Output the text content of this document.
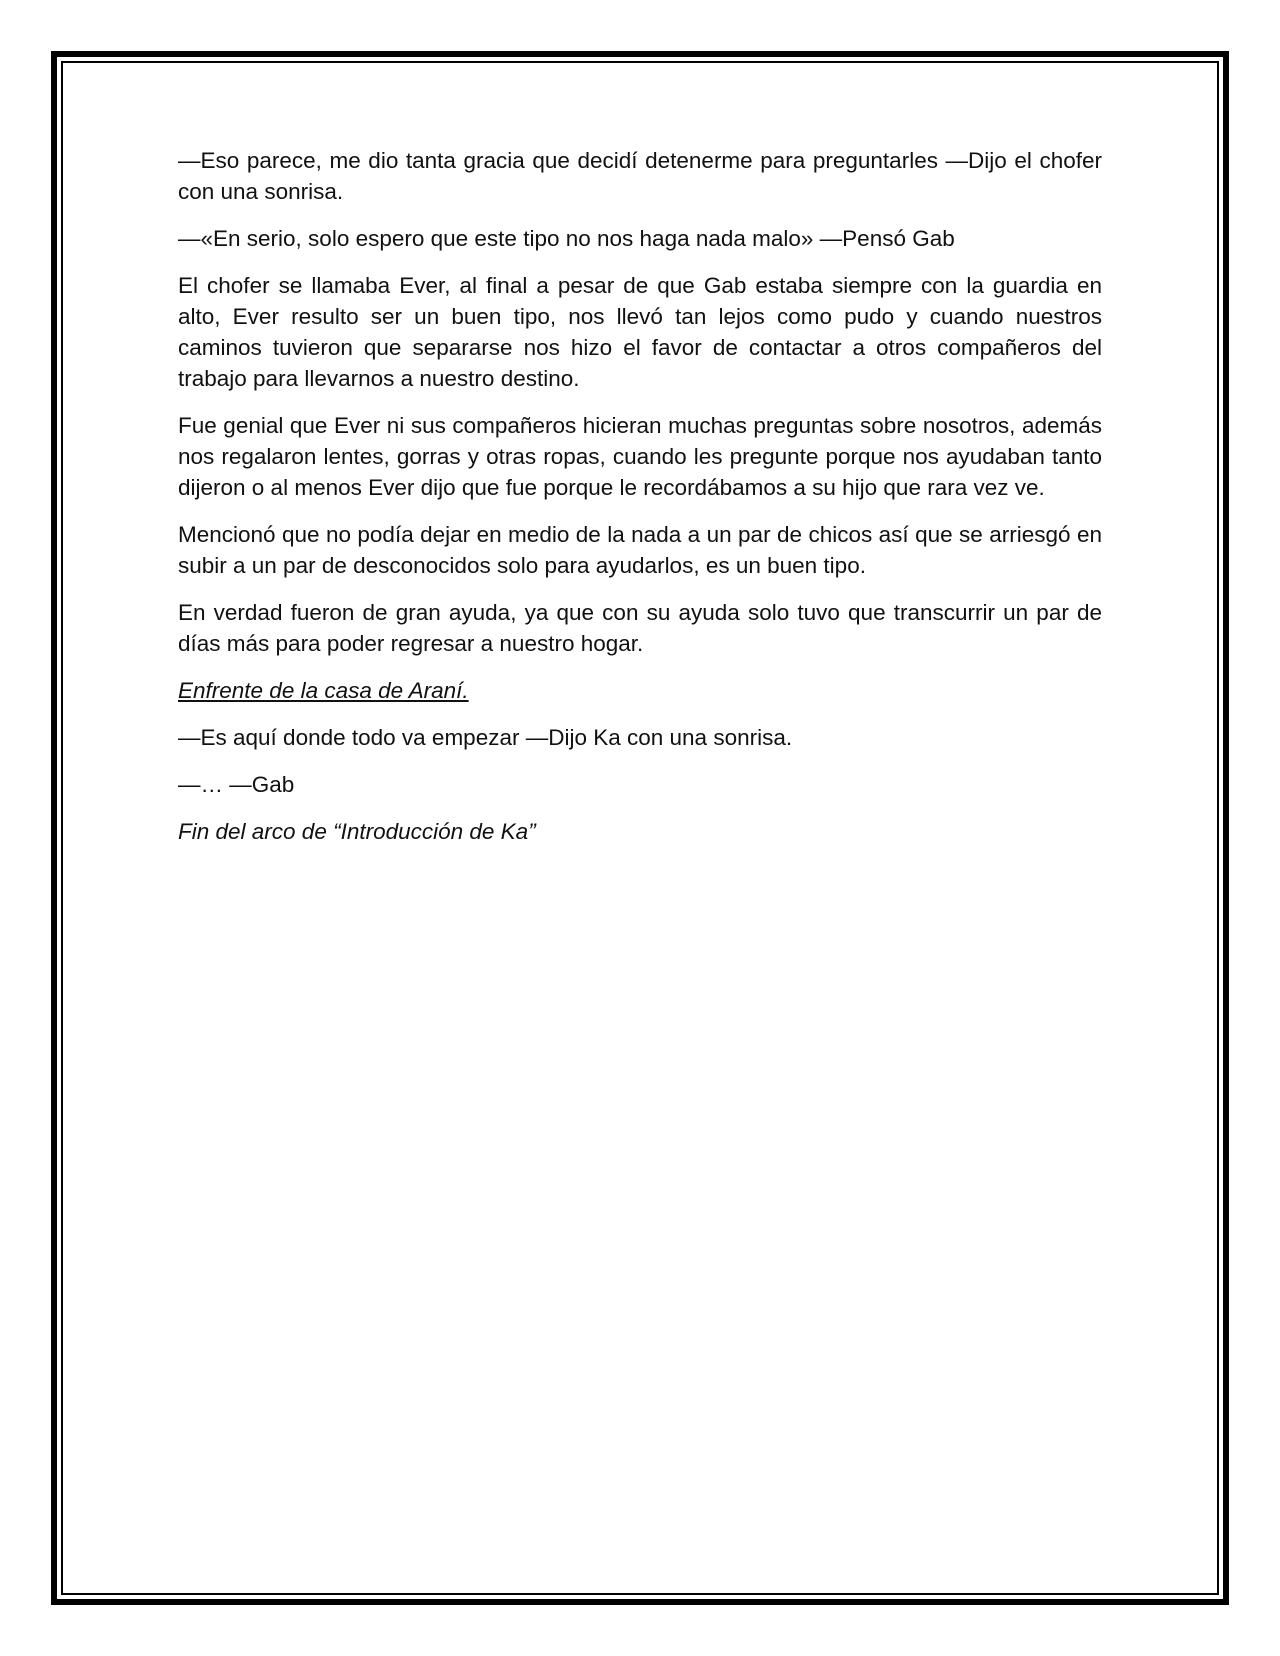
—Eso parece, me dio tanta gracia que decidí detenerme para preguntarles —Dijo el chofer con una sonrisa.

—«En serio, solo espero que este tipo no nos haga nada malo» —Pensó Gab

El chofer se llamaba Ever, al final a pesar de que Gab estaba siempre con la guardia en alto, Ever resulto ser un buen tipo, nos llevó tan lejos como pudo y cuando nuestros caminos tuvieron que separarse nos hizo el favor de contactar a otros compañeros del trabajo para llevarnos a nuestro destino.

Fue genial que Ever ni sus compañeros hicieran muchas preguntas sobre nosotros, además nos regalaron lentes, gorras y otras ropas, cuando les pregunte porque nos ayudaban tanto dijeron o al menos Ever dijo que fue porque le recordábamos a su hijo que rara vez ve.

Mencionó que no podía dejar en medio de la nada a un par de chicos así que se arriesgó en subir a un par de desconocidos solo para ayudarlos, es un buen tipo.

En verdad fueron de gran ayuda, ya que con su ayuda solo tuvo que transcurrir un par de días más para poder regresar a nuestro hogar.

Enfrente de la casa de Araní.

—Es aquí donde todo va empezar —Dijo Ka con una sonrisa.

—… —Gab

Fin del arco de “Introducción de Ka”
